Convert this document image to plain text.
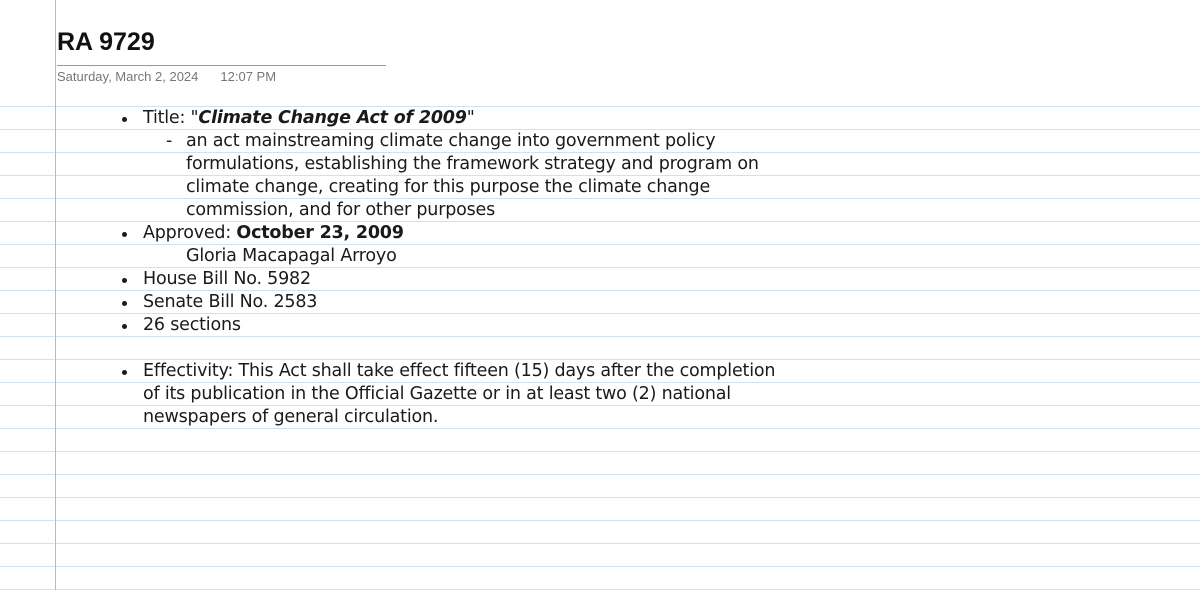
RA 9729
Saturday, March 2, 2024 12:07 PM
Title: "Climate Change Act of 2009"
- an act mainstreaming climate change into government policy
formulations, establishing the framework strategy and program on
climate change, creating for this purpose the climate change
commission, and for other purposes
Approved: October 23, 2009
Gloria Macapagal Arroyo
House Bill No. 5982
Senate Bill No. 2583
26 sections
Effectivity: This Act shall take effect fifteen (15) days after the completion
of its publication in the Official Gazette or in at least two (2) national
newspapers of general circulation.
